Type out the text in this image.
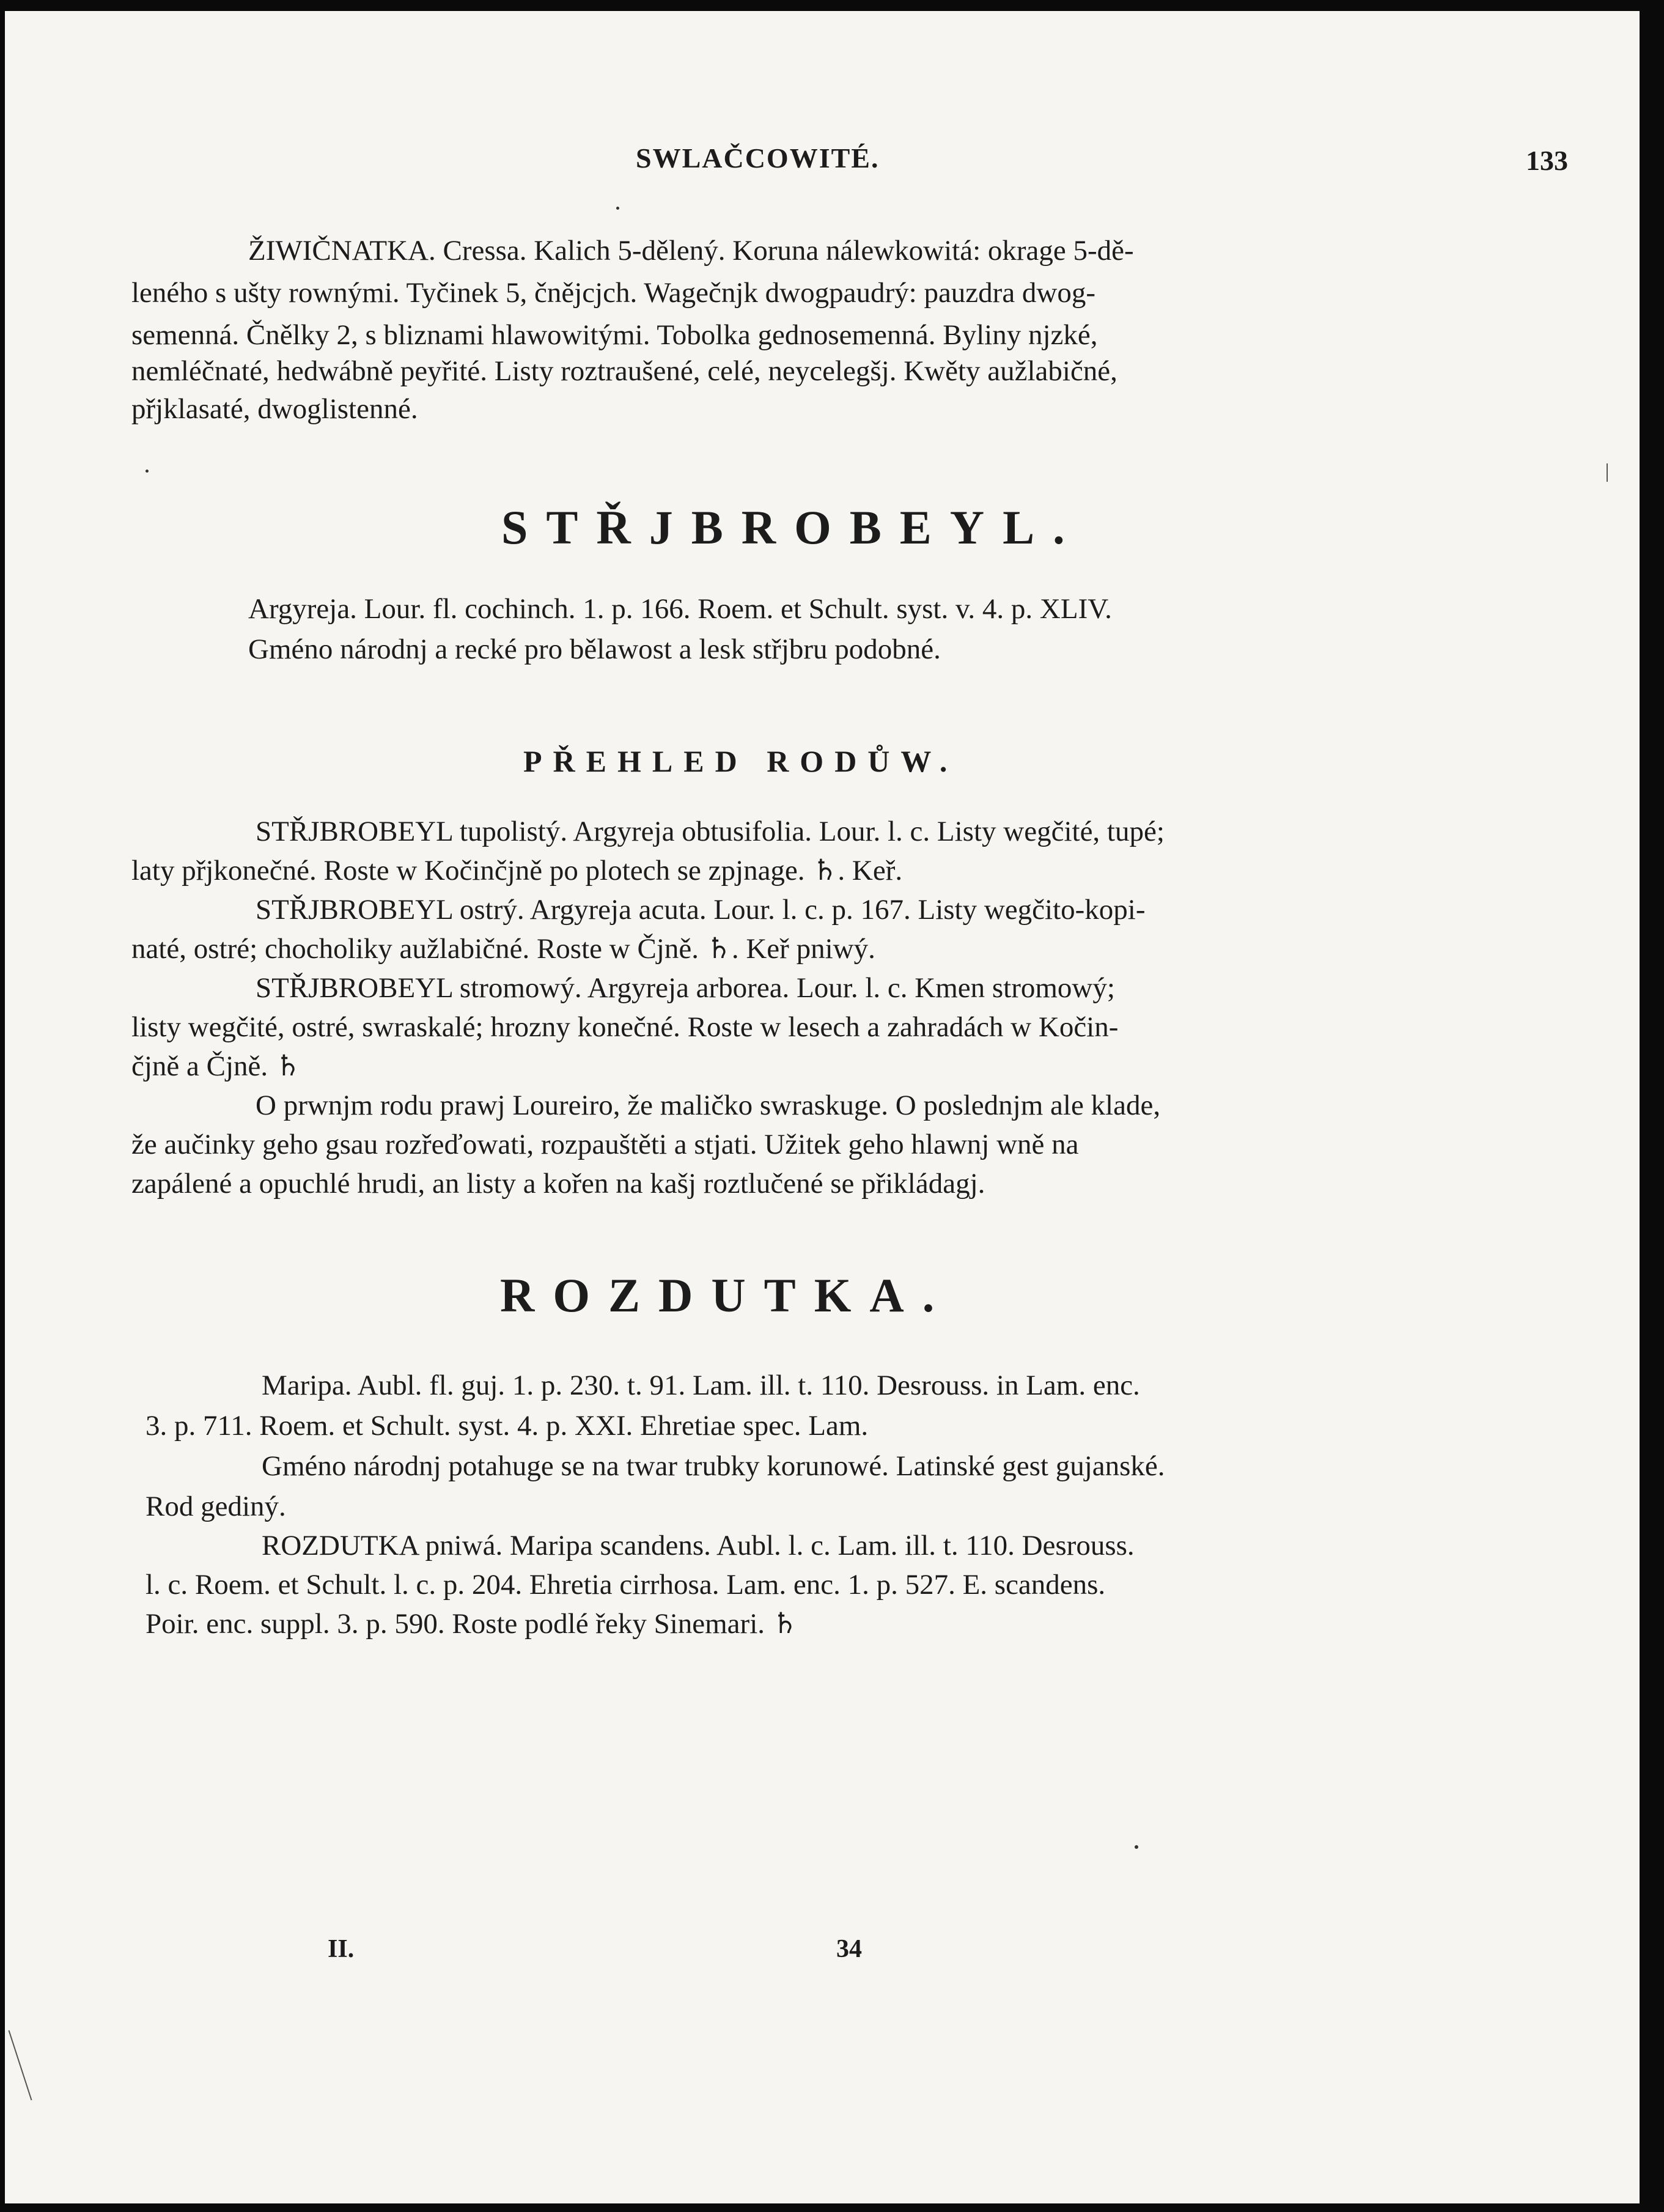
SWLAČCOWITÉ.	133
ŽIWIČNATKA. Cressa. Kalich 5-dělený. Koruna nálewkowitá: okrage 5-dě-
leného s ušty rownými. Tyčinek 5, čnějcjch. Wagečnjk dwogpaudrý: pauzdra dwog-
semenná. Čnělky 2, s bliznami hlawowitými. Tobolka gednosemenná. Byliny njzké,
nemléčnaté, hedwábně peyřité. Listy roztraušené, celé, neycelegšj. Kwěty aužlabičné,
přjklasaté, dwoglistenné.
STŘJBROBEYL.
Argyreja. Lour. fl. cochinch. 1. p. 166. Roem. et Schult. syst. v. 4. p. XLIV.
Gméno národnj a recké pro bělawost a lesk střjbru podobné.
PŘEHLED RODŮW.
STŘJBROBEYL tupolistý. Argyreja obtusifolia. Lour. l. c. Listy wegčité, tupé;
laty přjkonečné. Roste w Kočinčjně po plotech se zpjnage. ♄. Keř.
STŘJBROBEYL ostrý. Argyreja acuta. Lour. l. c. p. 167. Listy wegčito-kopi-
naté, ostré; chocholiky aužlabičné. Roste w Čjně. ♄. Keř pniwý.
STŘJBROBEYL stromowý. Argyreja arborea. Lour. l. c. Kmen stromowý;
listy wegčité, ostré, swraskalé; hrozny konečné. Roste w lesech a zahradách w Kočin-
čjně a Čjně. ♄
O prwnjm rodu prawj Loureiro, že maličko swraskuge. O poslednjm ale klade,
že aučinky geho gsau rozřeďowati, rozpauštěti a stjati. Užitek geho hlawnj wně na
zapálené a opuchlé hrudi, an listy a kořen na kašj roztlučené se přikládagj.
ROZDUTKA.
Maripa. Aubl. fl. guj. 1. p. 230. t. 91. Lam. ill. t. 110. Desrouss. in Lam. enc.
3. p. 711. Roem. et Schult. syst. 4. p. XXI. Ehretiae spec. Lam.
Gméno národnj potahuge se na twar trubky korunowé. Latinské gest gujanské.
Rod gediný.
ROZDUTKA pniwá. Maripa scandens. Aubl. l. c. Lam. ill. t. 110. Desrouss.
l. c. Roem. et Schult. l. c. p. 204. Ehretia cirrhosa. Lam. enc. 1. p. 527. E. scandens.
Poir. enc. suppl. 3. p. 590. Roste podlé řeky Sinemari. ♄
II.	34
